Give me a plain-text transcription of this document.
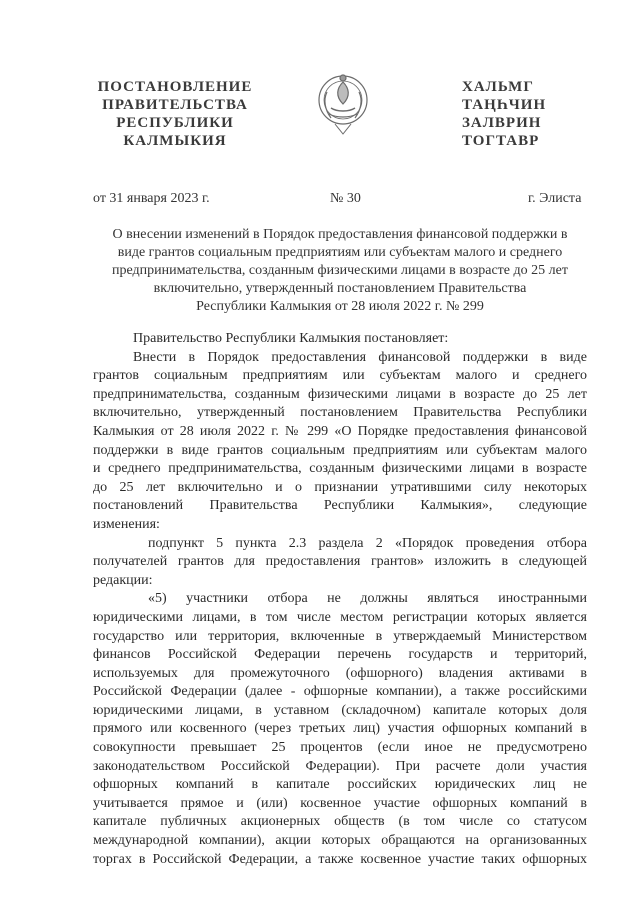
ПОСТАНОВЛЕНИЕ
ПРАВИТЕЛЬСТВА
РЕСПУБЛИКИ
КАЛМЫКИЯ
ХАЛЬМГ
ТАҢҺЧИН
ЗАЛВРИН
ТОГТАВР
от 31 января 2023 г.	№ 30	г. Элиста
О внесении изменений в Порядок предоставления финансовой поддержки в
виде грантов социальным предприятиям или субъектам малого и среднего
предпринимательства, созданным физическими лицами в возрасте до 25 лет
включительно, утвержденный постановлением Правительства
Республики Калмыкия от 28 июля 2022 г. № 299
Правительство Республики Калмыкия постановляет:
Внести в Порядок предоставления финансовой поддержки в виде
грантов социальным предприятиям или субъектам малого и среднего
предпринимательства, созданным физическими лицами в возрасте до 25 лет
включительно, утвержденный постановлением Правительства Республики
Калмыкия от 28 июля 2022 г. № 299 «О Порядке предоставления финансовой
поддержки в виде грантов социальным предприятиям или субъектам малого
и среднего предпринимательства, созданным физическими лицами в возрасте
до 25 лет включительно и о признании утратившими силу некоторых
постановлений Правительства Республики Калмыкия», следующие
изменения:
подпункт 5 пункта 2.3 раздела 2 «Порядок проведения отбора
получателей грантов для предоставления грантов» изложить в следующей
редакции:
«5) участники отбора не должны являться иностранными
юридическими лицами, в том числе местом регистрации которых является
государство или территория, включенные в утверждаемый Министерством
финансов Российской Федерации перечень государств и территорий,
используемых для промежуточного (офшорного) владения активами в
Российской Федерации (далее - офшорные компании), а также российскими
юридическими лицами, в уставном (складочном) капитале которых доля
прямого или косвенного (через третьих лиц) участия офшорных компаний в
совокупности превышает 25 процентов (если иное не предусмотрено
законодательством Российской Федерации). При расчете доли участия
офшорных компаний в капитале российских юридических лиц не
учитывается прямое и (или) косвенное участие офшорных компаний в
капитале публичных акционерных обществ (в том числе со статусом
международной компании), акции которых обращаются на организованных
торгах в Российской Федерации, а также косвенное участие таких офшорных
